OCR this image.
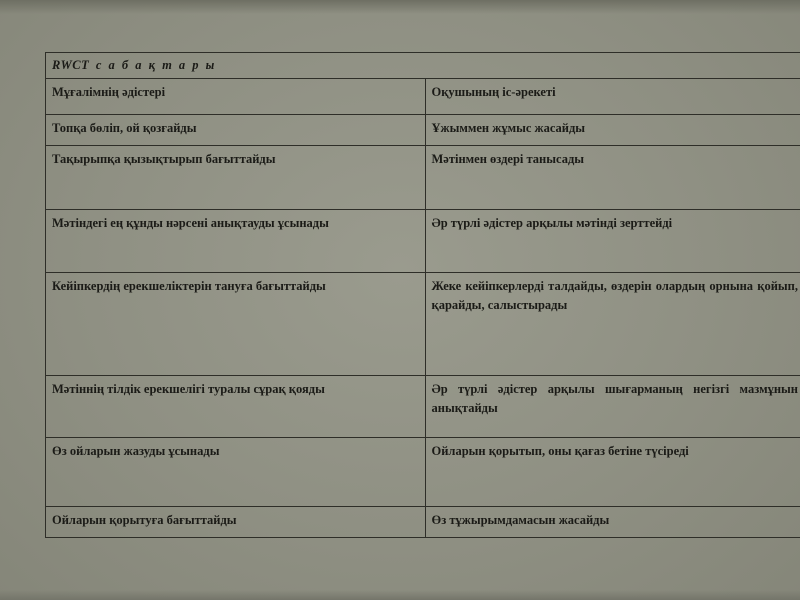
RWCT с а б а қ т а р ы	
Мұғалімнің әдістері	Оқушының іс-әрекеті
Топқа бөліп, ой қозғайды	Ұжыммен жұмыс жасайды
Тақырыпқа қызықтырып бағыттайды	Мәтінмен өздері танысады
Мәтіндегі ең құнды нәрсені анықтауды ұсынады	Әр түрлі әдістер арқылы мәтінді зерттейді
Кейіпкердің ерекшеліктерін тануға бағыттайды	Жеке кейіпкерлерді талдайды, өздерін олардың орнына қойып, қарайды, салыстырады
Мәтіннің тілдік ерекшелігі туралы сұрақ қояды	Әр түрлі әдістер арқылы шығарманың негізгі мазмұнын анықтайды
Өз ойларын жазуды ұсынады	Ойларын қорытып, оны қағаз бетіне түсіреді
Ойларын қорытуға бағыттайды	Өз тұжырымдамасын жасайды
